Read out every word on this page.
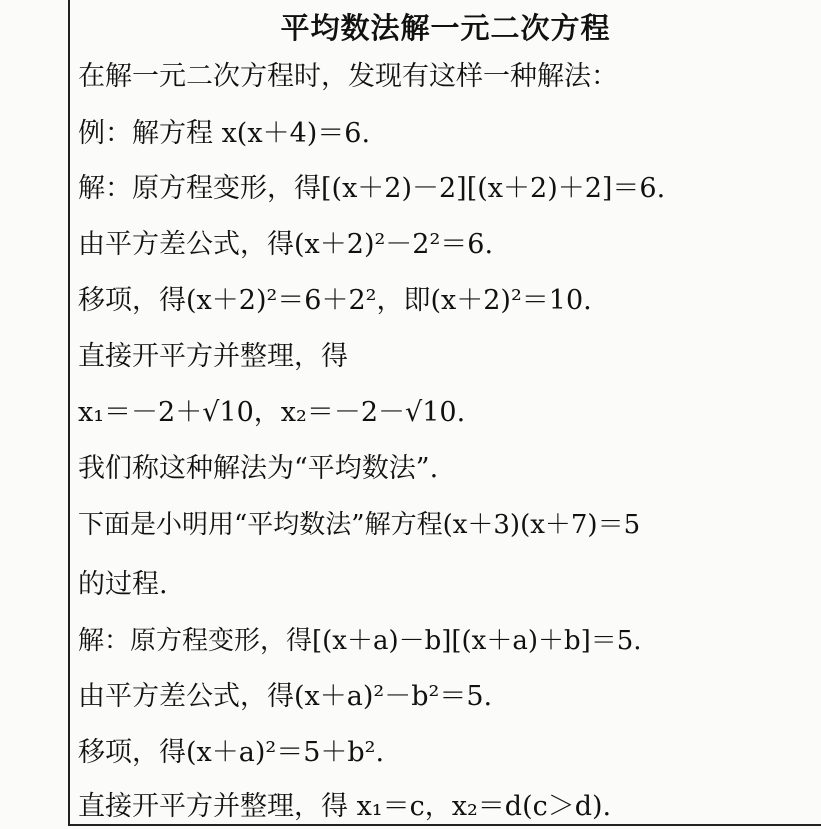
平均数法解一元二次方程
在解一元二次方程时，发现有这样一种解法：
例：解方程 x(x＋4)＝6.
解：原方程变形，得[(x＋2)－2][(x＋2)＋2]＝6.
由平方差公式，得(x＋2)²－2²＝6.
移项，得(x＋2)²＝6＋2²，即(x＋2)²＝10.
直接开平方并整理，得
x₁＝－2＋√10，x₂＝－2－√10.
我们称这种解法为“平均数法”.
下面是小明用“平均数法”解方程(x＋3)(x＋7)＝5
的过程.
解：原方程变形，得[(x＋a)－b][(x＋a)＋b]＝5.
由平方差公式，得(x＋a)²－b²＝5.
移项，得(x＋a)²＝5＋b².
直接开平方并整理，得 x₁＝c，x₂＝d(c＞d).
